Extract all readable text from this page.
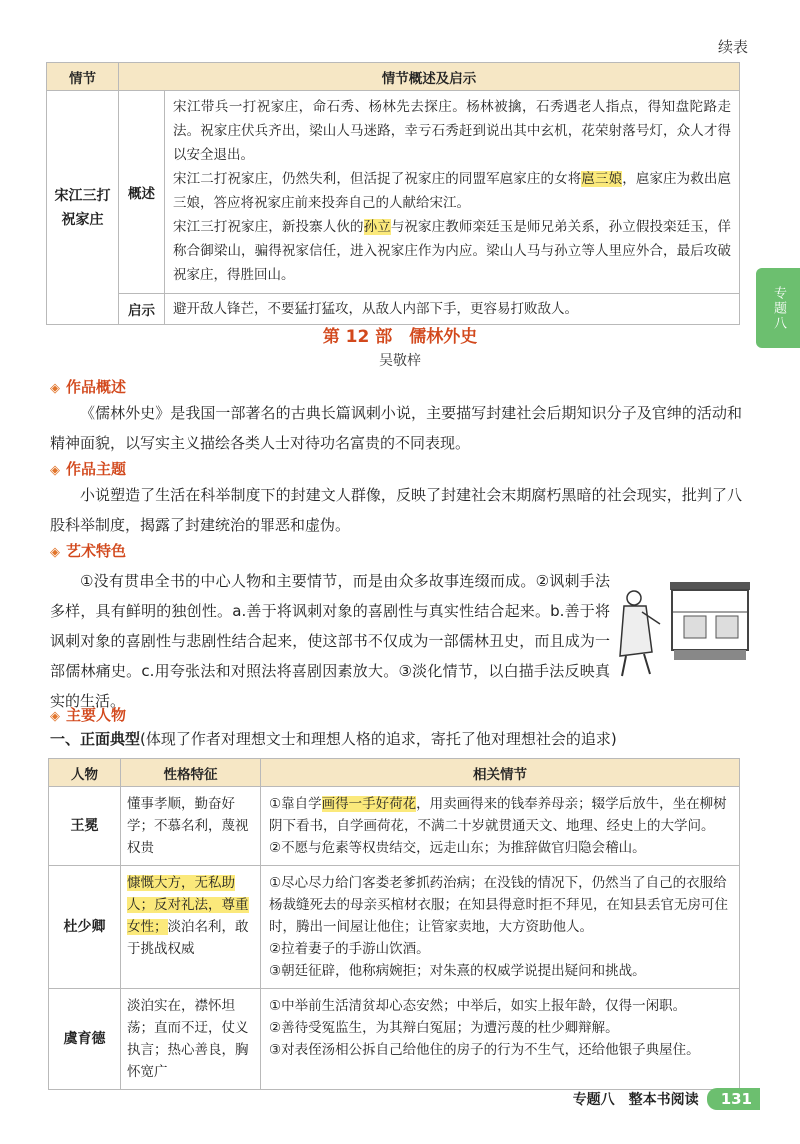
续表
情节	情节概述及启示	
宋江三打祝家庄	概述	宋江带兵一打祝家庄，命石秀、杨林先去探庄。杨林被擒，石秀遇老人指点，得知盘陀路走法。祝家庄伏兵齐出，梁山人马迷路，幸亏石秀赶到说出其中玄机，花荣射落号灯，众人才得以安全退出。
宋江二打祝家庄，仍然失利，但活捉了祝家庄的同盟军扈家庄的女将扈三娘，扈家庄为救出扈三娘，答应将祝家庄前来投奔自己的人献给宋江。
宋江三打祝家庄，新投寨人伙的孙立与祝家庄教师栾廷玉是师兄弟关系，孙立假投栾廷玉，佯称合御梁山，骗得祝家信任，进入祝家庄作为内应。梁山人马与孙立等人里应外合，最后攻破祝家庄，得胜回山。

	启示	避开敌人锋芒，不要猛打猛攻，从敌人内部下手，更容易打败敌人。	专题八
第 12 部　儒林外史
吴敬梓
◈ 作品概述
《儒林外史》是我国一部著名的古典长篇讽刺小说，主要描写封建社会后期知识分子及官绅的活动和精神面貌，以写实主义描绘各类人士对待功名富贵的不同表现。
◈ 作品主题
小说塑造了生活在科举制度下的封建文人群像，反映了封建社会末期腐朽黑暗的社会现实，批判了八股科举制度，揭露了封建统治的罪恶和虚伪。
◈ 艺术特色
①没有贯串全书的中心人物和主要情节，而是由众多故事连缀而成。②讽刺手法多样，具有鲜明的独创性。a.善于将讽刺对象的喜剧性与真实性结合起来。b.善于将讽刺对象的喜剧性与悲剧性结合起来，使这部书不仅成为一部儒林丑史，而且成为一部儒林痛史。c.用夸张法和对照法将喜剧因素放大。③淡化情节，以白描手法反映真实的生活。
◈ 主要人物
一、正面典型(体现了作者对理想文士和理想人格的追求，寄托了他对理想社会的追求)
人物	性格特征	相关情节
王冕	懂事孝顺，勤奋好学；不慕名利，蔑视权贵	①靠自学画得一手好荷花，用卖画得来的钱奉养母亲；辍学后放牛，坐在柳树阴下看书，自学画荷花，不满二十岁就贯通天文、地理、经史上的大学问。
②不愿与危素等权贵结交，远走山东；为推辞做官归隐会稽山。

杜少卿	慷慨大方，无私助人；反对礼法，尊重女性；淡泊名利，敢于挑战权威	①尽心尽力给门客娄老爹抓药治病；在没钱的情况下，仍然当了自己的衣服给杨裁缝死去的母亲买棺材衣服；在知县得意时拒不拜见，在知县丢官无房可住时，腾出一间屋让他住；让管家卖地，大方资助他人。
②拉着妻子的手游山饮酒。
③朝廷征辟，他称病婉拒；对朱熹的权威学说提出疑问和挑战。

虞育德	淡泊实在，襟怀坦荡；直而不迂，仗义执言；热心善良，胸怀宽广	①中举前生活清贫却心态安然；中举后，如实上报年龄，仅得一闲职。
②善待受冤监生，为其辩白冤屈；为遭污蔑的杜少卿辩解。
③对表侄汤相公拆自己给他住的房子的行为不生气，还给他银子典屋住。
专题八　整本书阅读	131
